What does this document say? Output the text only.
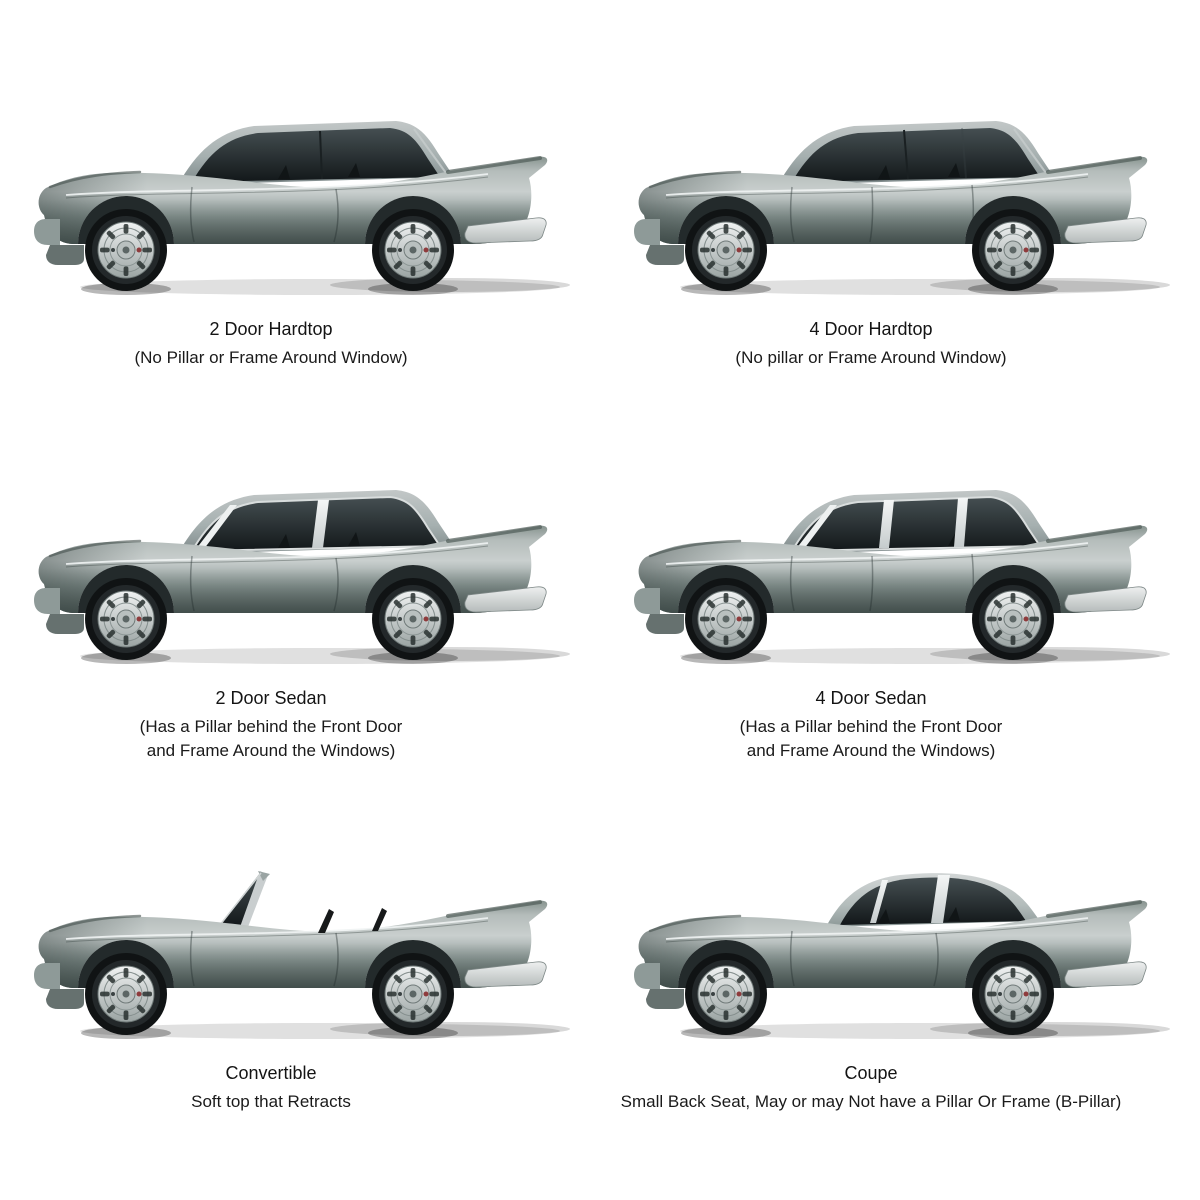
2 Door Hardtop
(No Pillar or Frame Around Window)
4 Door Hardtop
(No pillar or Frame Around Window)
2 Door Sedan
(Has a Pillar behind the Front Door
and Frame Around the Windows)
4 Door Sedan
(Has a Pillar behind the Front Door
and Frame Around the Windows)
Convertible
Soft top that Retracts
Coupe
Small Back Seat, May or may Not have a Pillar Or Frame (B-Pillar)
